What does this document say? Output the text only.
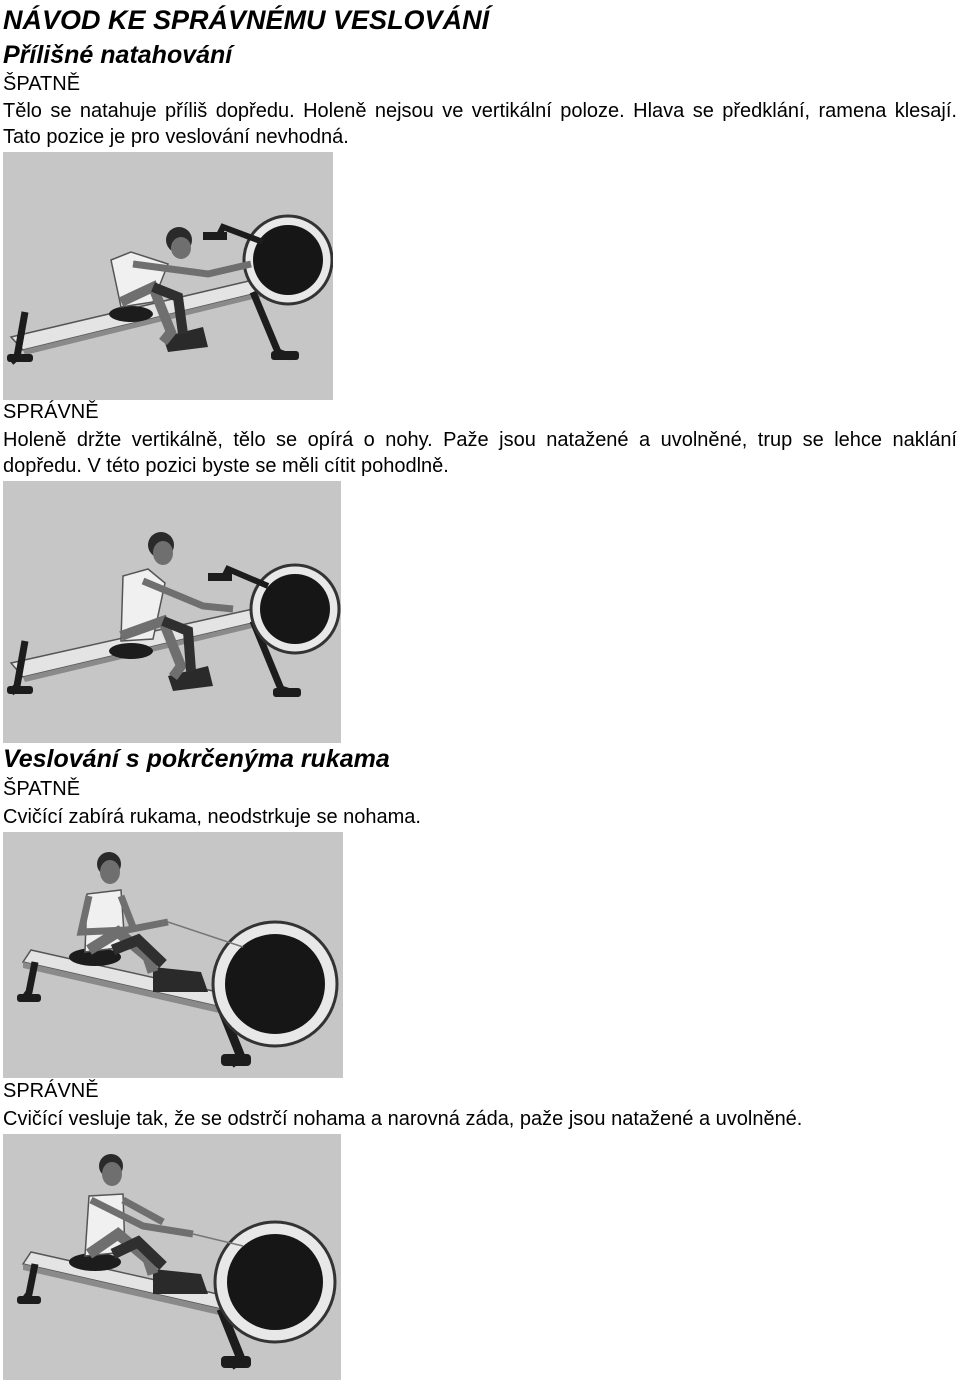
NÁVOD KE SPRÁVNÉMU VESLOVÁNÍ
Přílišné natahování
ŠPATNĚ

Tělo se natahuje příliš dopředu. Holeně nejsou ve vertikální poloze. Hlava se předklání, ramena klesají. Tato pozice je pro veslování nevhodná.

SPRÁVNĚ

Holeně držte vertikálně, tělo se opírá o nohy. Paže jsou natažené a uvolněné, trup se lehce naklání dopředu. V této pozici byste se měli cítit pohodlně.

Veslování s pokrčenýma rukama
ŠPATNĚ

Cvičící zabírá rukama, neodstrkuje se nohama.

SPRÁVNĚ

Cvičící vesluje tak, že se odstrčí nohama a narovná záda, paže jsou natažené a uvolněné.
